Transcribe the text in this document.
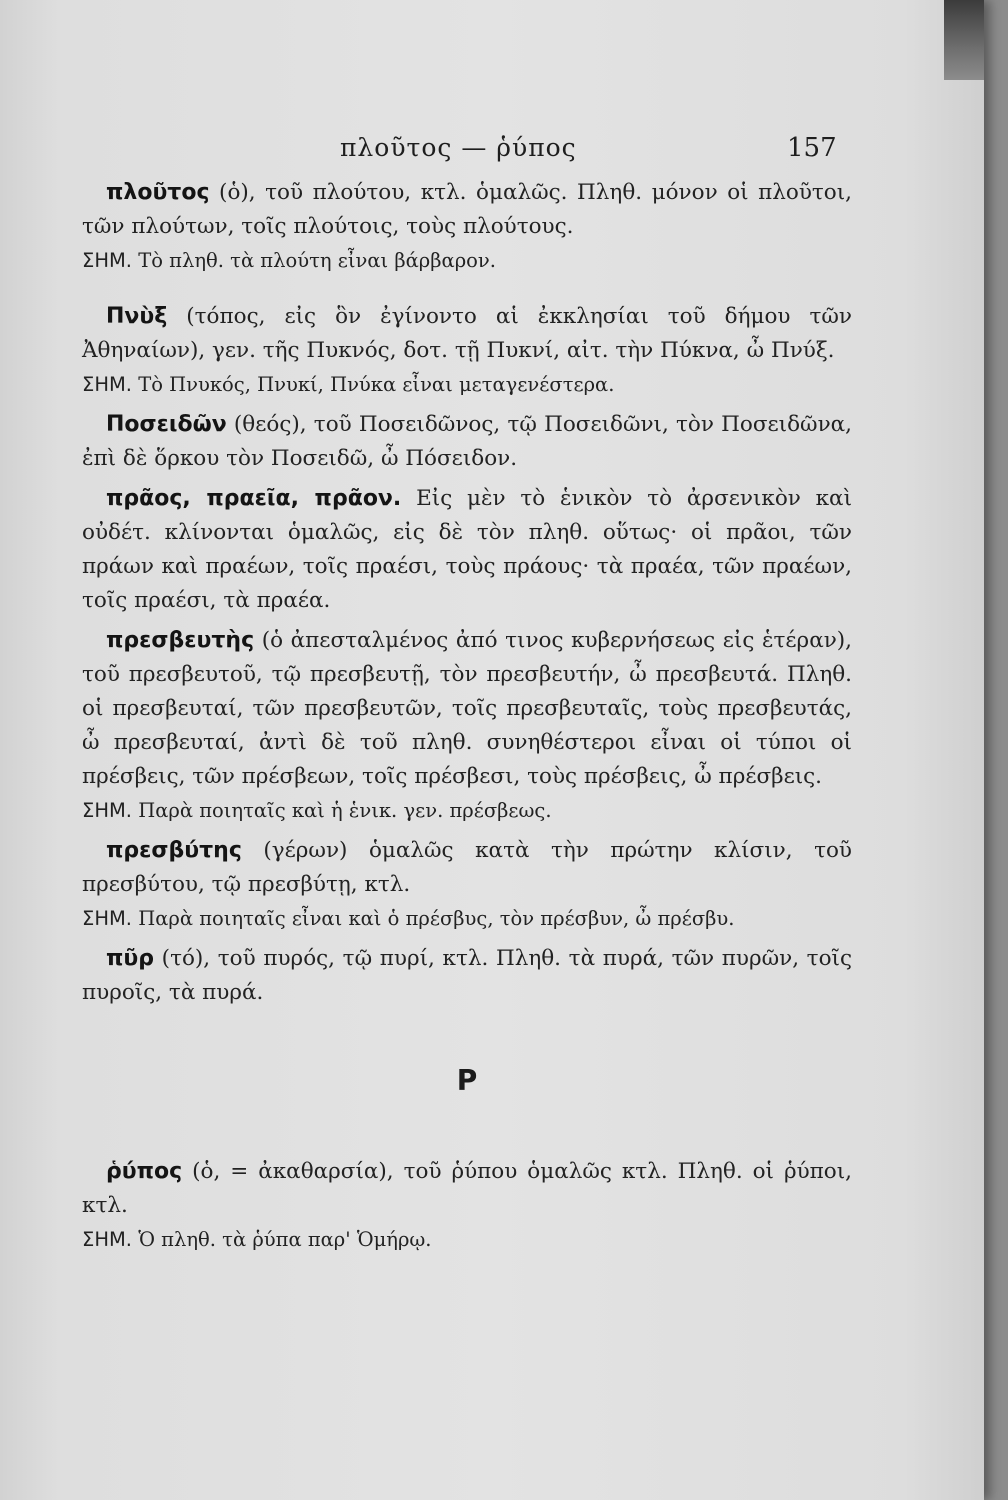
πλοῦτος — ῥύπος	157

πλοῦτος (ὁ), τοῦ πλούτου, κτλ. ὁμαλῶς. Πληθ. μόνον οἱ πλοῦτοι, τῶν πλούτων, τοῖς πλούτοις, τοὺς πλούτους.

ΣΗΜ. Τὸ πληθ. τὰ πλούτη εἶναι βάρβαρον.

Πνὺξ (τόπος, εἰς ὃν ἐγίνοντο αἱ ἐκκλησίαι τοῦ δήμου τῶν Ἀθηναίων), γεν. τῆς Πυκνός, δοτ. τῇ Πυκνί, αἰτ. τὴν Πύκνα, ὦ Πνύξ.

ΣΗΜ. Τὸ Πνυκός, Πνυκί, Πνύκα εἶναι μεταγενέστερα.

Ποσειδῶν (θεός), τοῦ Ποσειδῶνος, τῷ Ποσειδῶνι, τὸν Ποσειδῶνα, ἐπὶ δὲ ὅρκου τὸν Ποσειδῶ, ὦ Πόσειδον.

πρᾶος, πραεῖα, πρᾶον. Εἰς μὲν τὸ ἑνικὸν τὸ ἀρσενικὸν καὶ οὐδέτ. κλίνονται ὁμαλῶς, εἰς δὲ τὸν πληθ. οὕτως· οἱ πρᾶοι, τῶν πράων καὶ πραέων, τοῖς πραέσι, τοὺς πράους· τὰ πραέα, τῶν πραέων, τοῖς πραέσι, τὰ πραέα.

πρεσβευτὴς (ὁ ἀπεσταλμένος ἀπό τινος κυβερνήσεως εἰς ἑτέραν), τοῦ πρεσβευτοῦ, τῷ πρεσβευτῇ, τὸν πρεσβευτήν, ὦ πρεσβευτά. Πληθ. οἱ πρεσβευταί, τῶν πρεσβευτῶν, τοῖς πρεσβευταῖς, τοὺς πρεσβευτάς, ὦ πρεσβευταί, ἀντὶ δὲ τοῦ πληθ. συνηθέστεροι εἶναι οἱ τύποι οἱ πρέσβεις, τῶν πρέσβεων, τοῖς πρέσβεσι, τοὺς πρέσβεις, ὦ πρέσβεις.

ΣΗΜ. Παρὰ ποιηταῖς καὶ ἡ ἑνικ. γεν. πρέσβεως.

πρεσβύτης (γέρων) ὁμαλῶς κατὰ τὴν πρώτην κλίσιν, τοῦ πρεσβύτου, τῷ πρεσβύτῃ, κτλ.

ΣΗΜ. Παρὰ ποιηταῖς εἶναι καὶ ὁ πρέσβυς, τὸν πρέσβυν, ὦ πρέσβυ.

πῦρ (τό), τοῦ πυρός, τῷ πυρί, κτλ. Πληθ. τὰ πυρά, τῶν πυρῶν, τοῖς πυροῖς, τὰ πυρά.

Ρ

ῥύπος (ὁ, = ἀκαθαρσία), τοῦ ῥύπου ὁμαλῶς κτλ. Πληθ. οἱ ῥύποι, κτλ.

ΣΗΜ. Ὁ πληθ. τὰ ῥύπα παρ' Ὁμήρῳ.
